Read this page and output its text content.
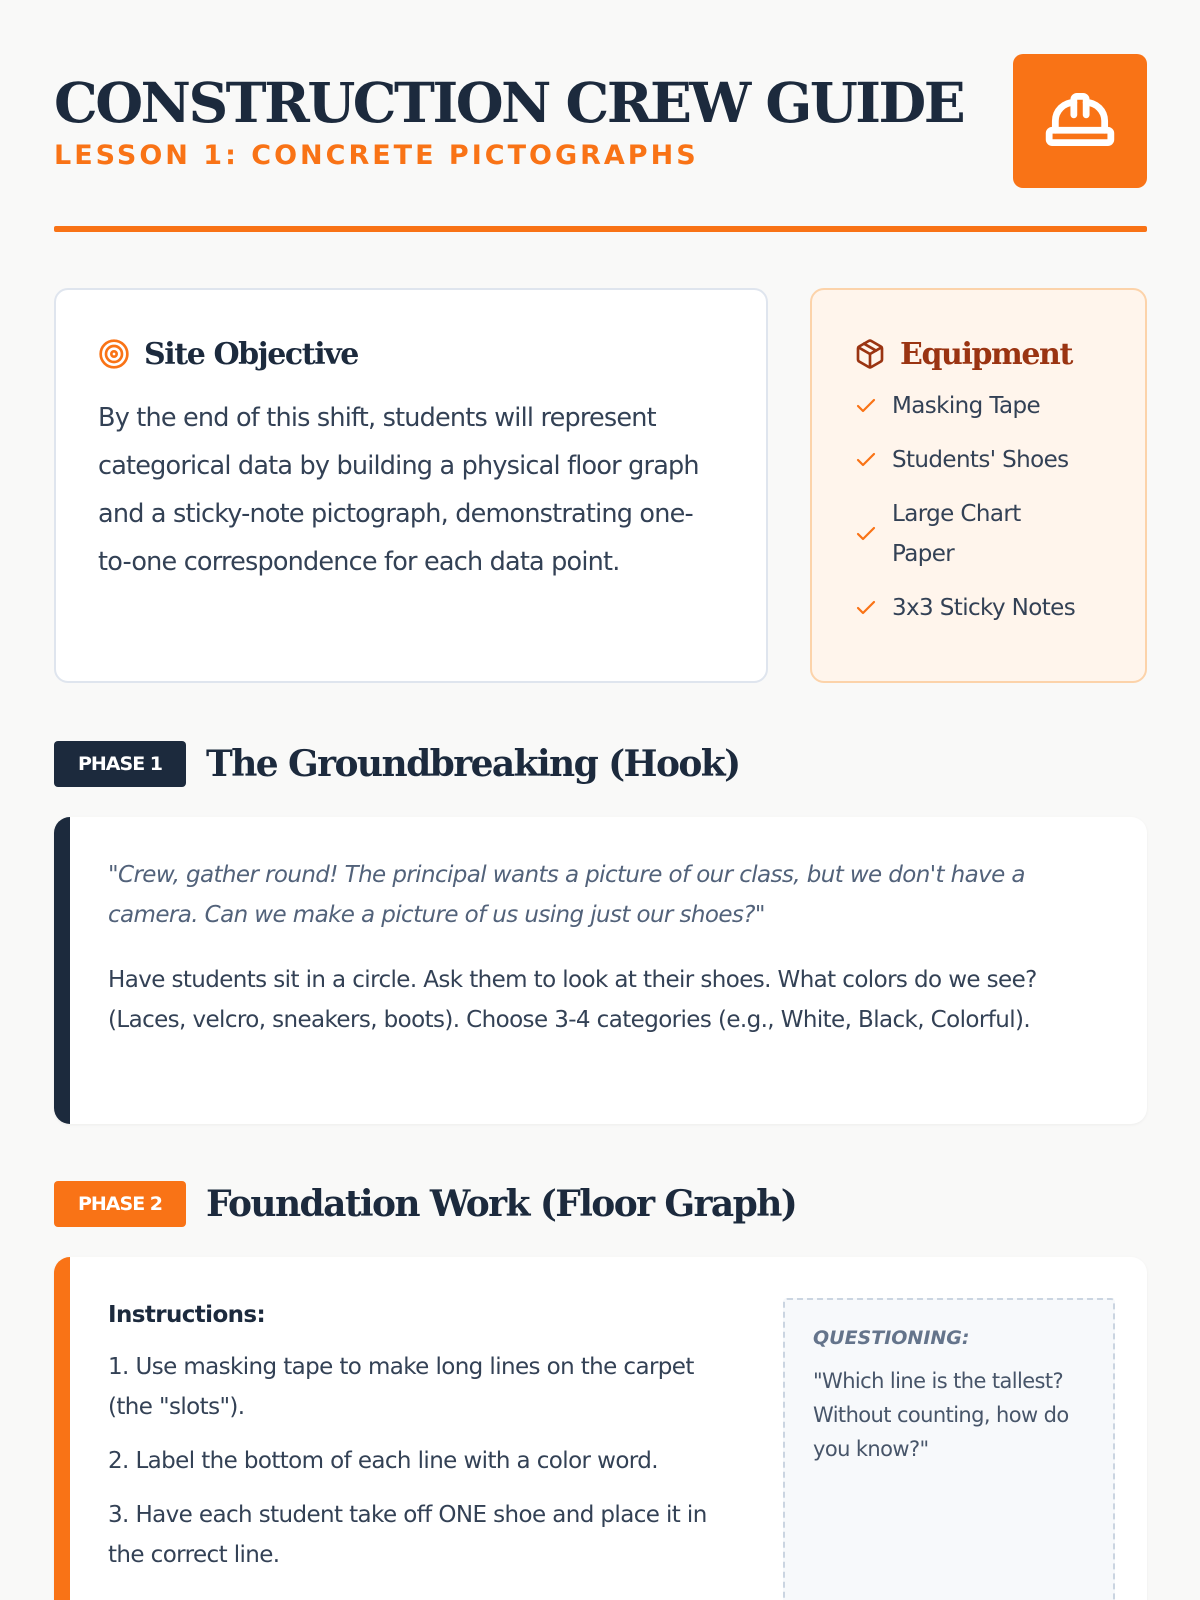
CONSTRUCTION CREW GUIDE
LESSON 1: CONCRETE PICTOGRAPHS
Site Objective
By the end of this shift, students will represent categorical data by building a physical floor graph and a sticky-note pictograph, demonstrating one-to-one correspondence for each data point.
Equipment
Masking Tape
Students' Shoes
Large Chart Paper
3x3 Sticky Notes
PHASE 1	The Groundbreaking (Hook)
"Crew, gather round! The principal wants a picture of our class, but we don't have a camera. Can we make a picture of us using just our shoes?"
Have students sit in a circle. Ask them to look at their shoes. What colors do we see? (Laces, velcro, sneakers, boots). Choose 3-4 categories (e.g., White, Black, Colorful).
PHASE 2	Foundation Work (Floor Graph)
Instructions:
1. Use masking tape to make long lines on the carpet (the "slots").
2. Label the bottom of each line with a color word.
3. Have each student take off ONE shoe and place it in the correct line.
QUESTIONING:
"Which line is the tallest? Without counting, how do you know?"
